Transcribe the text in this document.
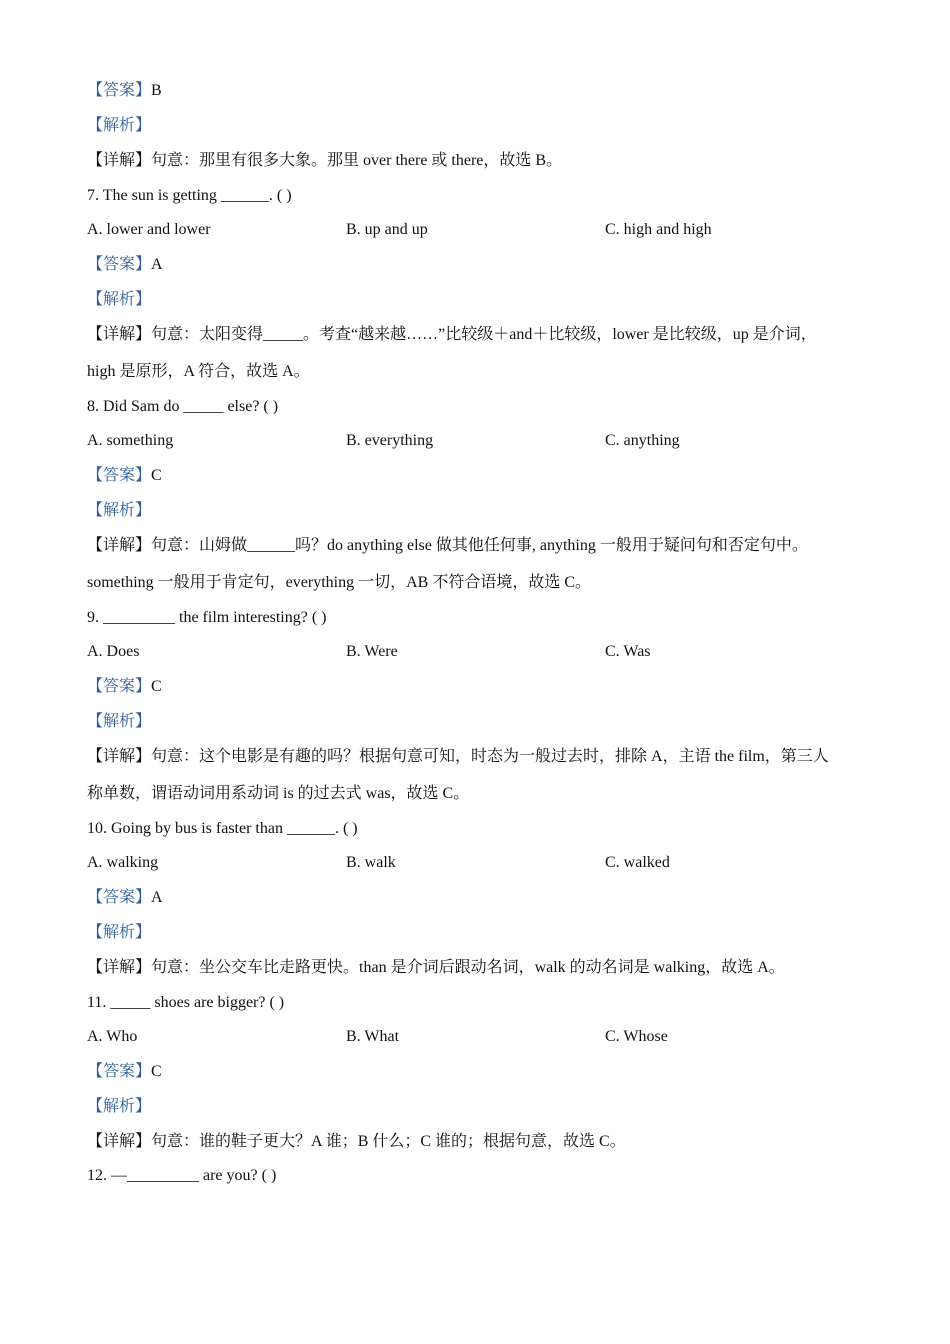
【答案】B
【解析】
【详解】句意：那里有很多大象。那里 over there 或 there，故选 B。
7. The sun is getting ______. ( )
A. lower and lower	B. up and up	C. high and high
【答案】A
【解析】
【详解】句意：太阳变得_____。考查“越来越……”比较级＋and＋比较级，lower 是比较级，up 是介词，
high 是原形，A 符合，故选 A。
8. Did Sam do _____ else? ( )
A. something	B. everything	C. anything
【答案】C
【解析】
【详解】句意：山姆做______吗？do anything else 做其他任何事, anything 一般用于疑问句和否定句中。
something 一般用于肯定句，everything 一切，AB 不符合语境，故选 C。
9. _________ the film interesting? ( )
A. Does	B. Were	C. Was
【答案】C
【解析】
【详解】句意：这个电影是有趣的吗？根据句意可知，时态为一般过去时，排除 A，主语 the film，第三人
称单数，谓语动词用系动词 is 的过去式 was，故选 C。
10. Going by bus is faster than ______. ( )
A. walking	B. walk	C. walked
【答案】A
【解析】
【详解】句意：坐公交车比走路更快。than 是介词后跟动名词，walk 的动名词是 walking，故选 A。
11. _____ shoes are bigger? ( )
A. Who	B. What	C. Whose
【答案】C
【解析】
【详解】句意：谁的鞋子更大？A 谁；B 什么；C 谁的；根据句意，故选 C。
12. —_________ are you? ( )
